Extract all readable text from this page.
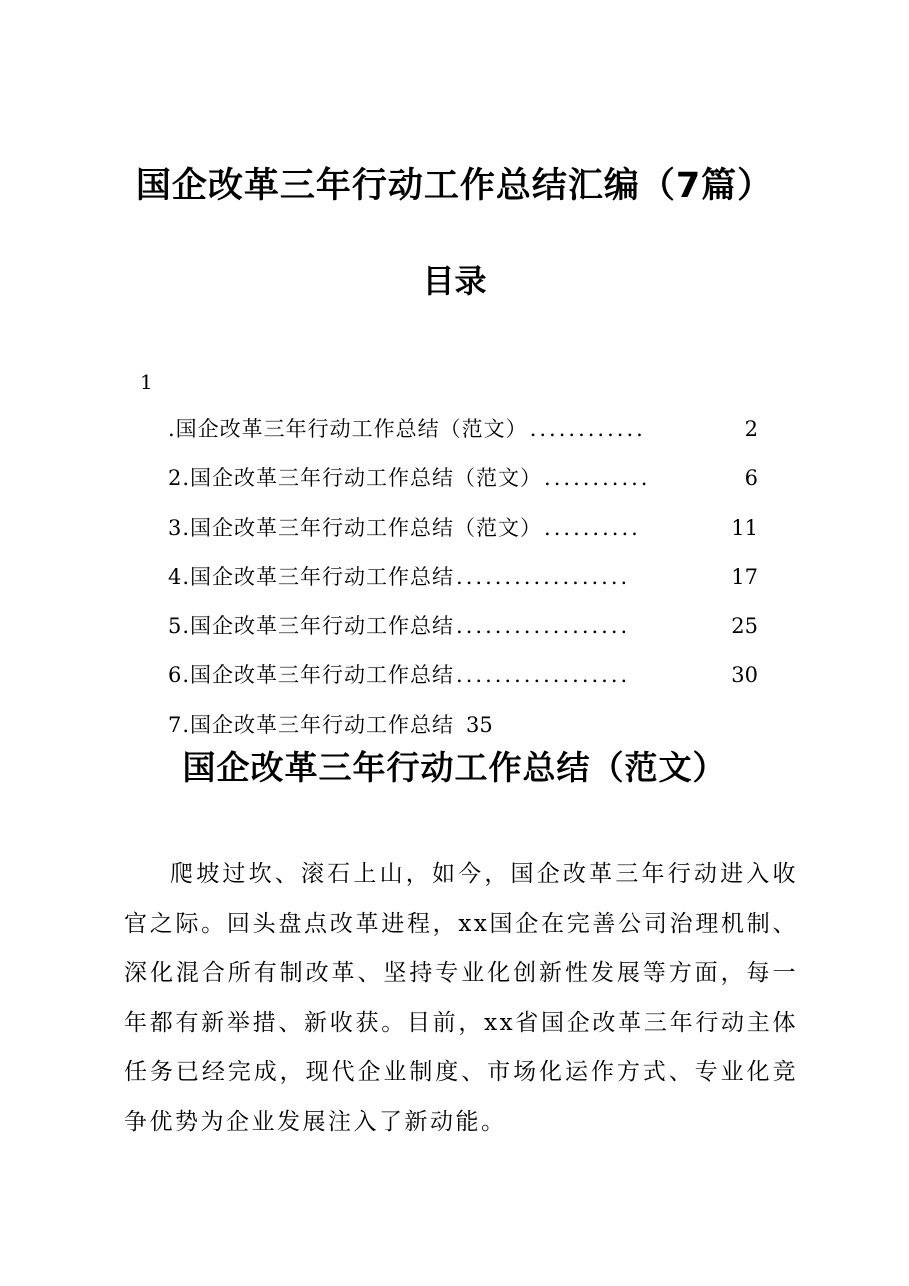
国企改革三年行动工作总结汇编（7篇）
目录
1
.国企改革三年行动工作总结（范文） ............	2
2.国企改革三年行动工作总结（范文） ...........	6
3.国企改革三年行动工作总结（范文） ..........	11
4.国企改革三年行动工作总结 ..................	17
5.国企改革三年行动工作总结 ..................	25
6.国企改革三年行动工作总结 ..................	30
7.国企改革三年行动工作总结 35
国企改革三年行动工作总结（范文）

爬坡过坎、滚石上山，如今，国企改革三年行动进入收官之际。回头盘点改革进程，xx国企在完善公司治理机制、深化混合所有制改革、坚持专业化创新性发展等方面，每一年都有新举措、新收获。目前，xx省国企改革三年行动主体任务已经完成，现代企业制度、市场化运作方式、专业化竞争优势为企业发展注入了新动能。
